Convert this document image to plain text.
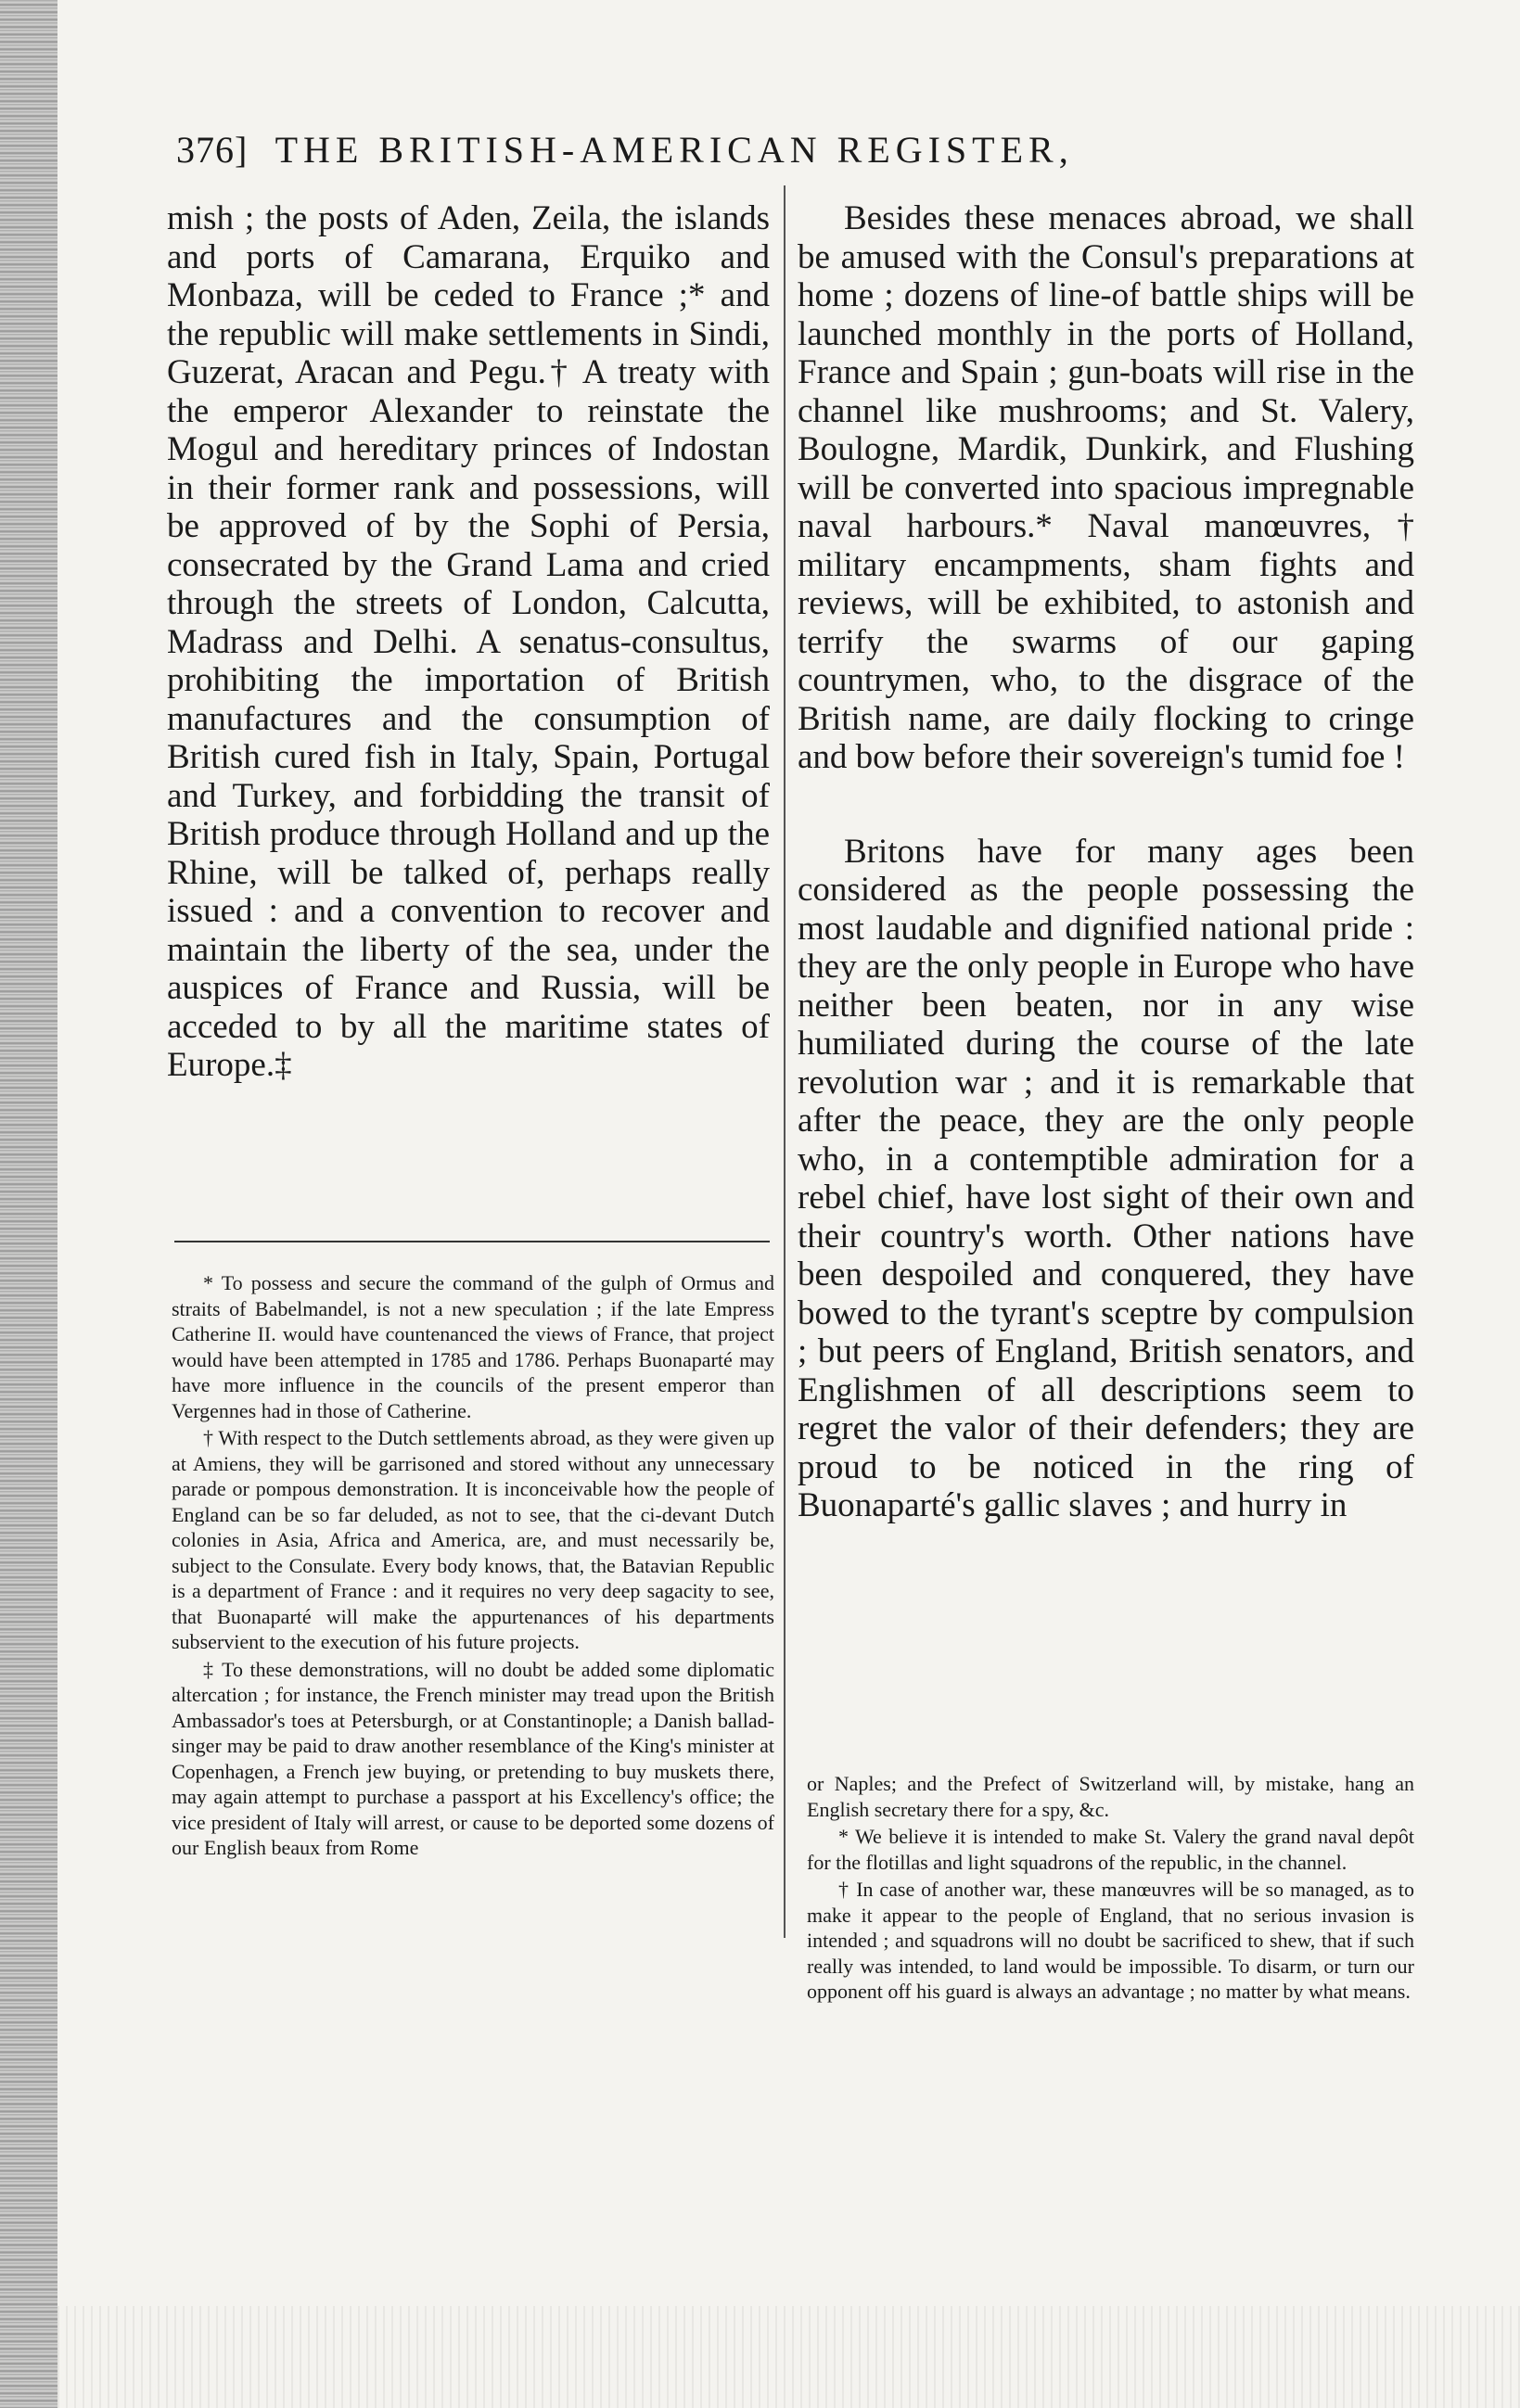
376] THE BRITISH-AMERICAN REGISTER,

mish ; the posts of Aden, Zeila, the islands and ports of Camarana, Erquiko and Monbaza, will be ceded to France ;* and the republic will make settlements in Sindi, Guzerat, Aracan and Pegu.† A treaty with the emperor Alexander to reinstate the Mogul and hereditary princes of Indostan in their former rank and possessions, will be approved of by the Sophi of Persia, consecrated by the Grand Lama and cried through the streets of London, Calcutta, Madrass and Delhi. A senatus-consultus, prohibiting the importation of British manufactures and the consumption of British cured fish in Italy, Spain, Portugal and Turkey, and forbidding the transit of British produce through Holland and up the Rhine, will be talked of, perhaps really issued : and a convention to recover and maintain the liberty of the sea, under the auspices of France and Russia, will be acceded to by all the maritime states of Europe.‡

Besides these menaces abroad, we shall be amused with the Consul's preparations at home ; dozens of line-of battle ships will be launched monthly in the ports of Holland, France and Spain ; gun-boats will rise in the channel like mushrooms; and St. Valery, Boulogne, Mardik, Dunkirk, and Flushing will be converted into spacious impregnable naval harbours.* Naval manœuvres,† military encampments, sham fights and reviews, will be exhibited, to astonish and terrify the swarms of our gaping countrymen, who, to the disgrace of the British name, are daily flocking to cringe and bow before their sovereign's tumid foe !

Britons have for many ages been considered as the people possessing the most laudable and dignified national pride : they are the only people in Europe who have neither been beaten, nor in any wise humiliated during the course of the late revolution war ; and it is remarkable that after the peace, they are the only people who, in a contemptible admiration for a rebel chief, have lost sight of their own and their country's worth. Other nations have been despoiled and conquered, they have bowed to the tyrant's sceptre by compulsion ; but peers of England, British senators, and Englishmen of all descriptions seem to regret the valor of their defenders; they are proud to be noticed in the ring of Buonaparté's gallic slaves ; and hurry in

* To possess and secure the command of the gulph of Ormus and straits of Babelmandel, is not a new speculation ; if the late Empress Catherine II. would have countenanced the views of France, that project would have been attempted in 1785 and 1786. Perhaps Buonaparté may have more influence in the councils of the present emperor than Vergennes had in those of Catherine.

† With respect to the Dutch settlements abroad, as they were given up at Amiens, they will be garrisoned and stored without any unnecessary parade or pompous demonstration. It is inconceivable how the people of England can be so far deluded, as not to see, that the ci-devant Dutch colonies in Asia, Africa and America, are, and must necessarily be, subject to the Consulate. Every body knows, that, the Batavian Republic is a department of France : and it requires no very deep sagacity to see, that Buonaparté will make the appurtenances of his departments subservient to the execution of his future projects.

‡ To these demonstrations, will no doubt be added some diplomatic altercation ; for instance, the French minister may tread upon the British Ambassador's toes at Petersburgh, or at Constantinople; a Danish ballad-singer may be paid to draw another resemblance of the King's minister at Copenhagen, a French jew buying, or pretending to buy muskets there, may again attempt to purchase a passport at his Excellency's office; the vice president of Italy will arrest, or cause to be deported some dozens of our English beaux from Rome

or Naples; and the Prefect of Switzerland will, by mistake, hang an English secretary there for a spy, &c.

* We believe it is intended to make St. Valery the grand naval depôt for the flotillas and light squadrons of the republic, in the channel.

† In case of another war, these manœuvres will be so managed, as to make it appear to the people of England, that no serious invasion is intended ; and squadrons will no doubt be sacrificed to shew, that if such really was intended, to land would be impossible. To disarm, or turn our opponent off his guard is always an advantage ; no matter by what means.
